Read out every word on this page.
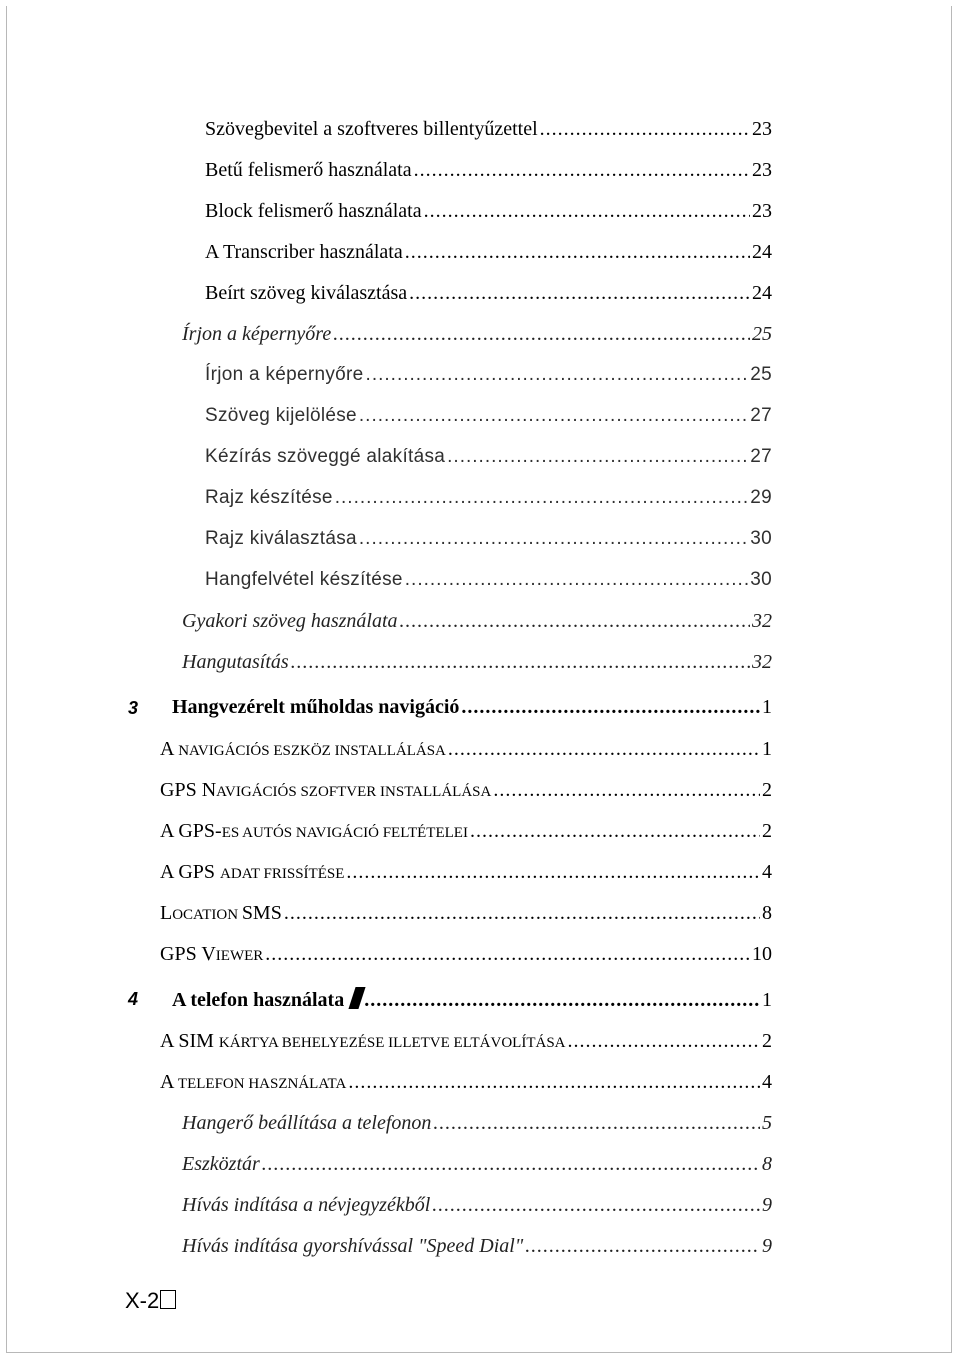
Szövegbevitel a szoftveres billentyűzettel .....	23
Betű felismerő használata .....	23
Block felismerő használata .....	23
A Transcriber használata .....	24
Beírt szöveg kiválasztása .....	24
Írjon a képernyőre .....	25
Írjon a képernyőre .....	25
Szöveg kijelölése .....	27
Kézírás szöveggé alakítása .....	27
Rajz készítése .....	29
Rajz kiválasztása .....	30
Hangfelvétel készítése .....	30
Gyakori szöveg használata .....	32
Hangutasítás .....	32
3 Hangvezérelt műholdas navigáció .....	1
A NAVIGÁCIÓS ESZKÖZ INSTALLÁLÁSA .....	1
GPS NAVIGÁCIÓS SZOFTVER INSTALLÁLÁSA .....	2
A GPS-ES AUTÓS NAVIGÁCIÓ FELTÉTELEI .....	2
A GPS ADAT FRISSÍTÉSE .....	4
LOCATION SMS .....	8
GPS VIEWER .....	10
4 A telefon használata .....	1
A SIM KÁRTYA BEHELYEZÉSE ILLETVE ELTÁVOLÍTÁSA .....	2
A TELEFON HASZNÁLATA .....	4
Hangerő beállítása a telefonon .....	5
Eszköztár .....	8
Hívás indítása a névjegyzékből .....	9
Hívás indítása gyorshívással "Speed Dial" .....	9
X-2
